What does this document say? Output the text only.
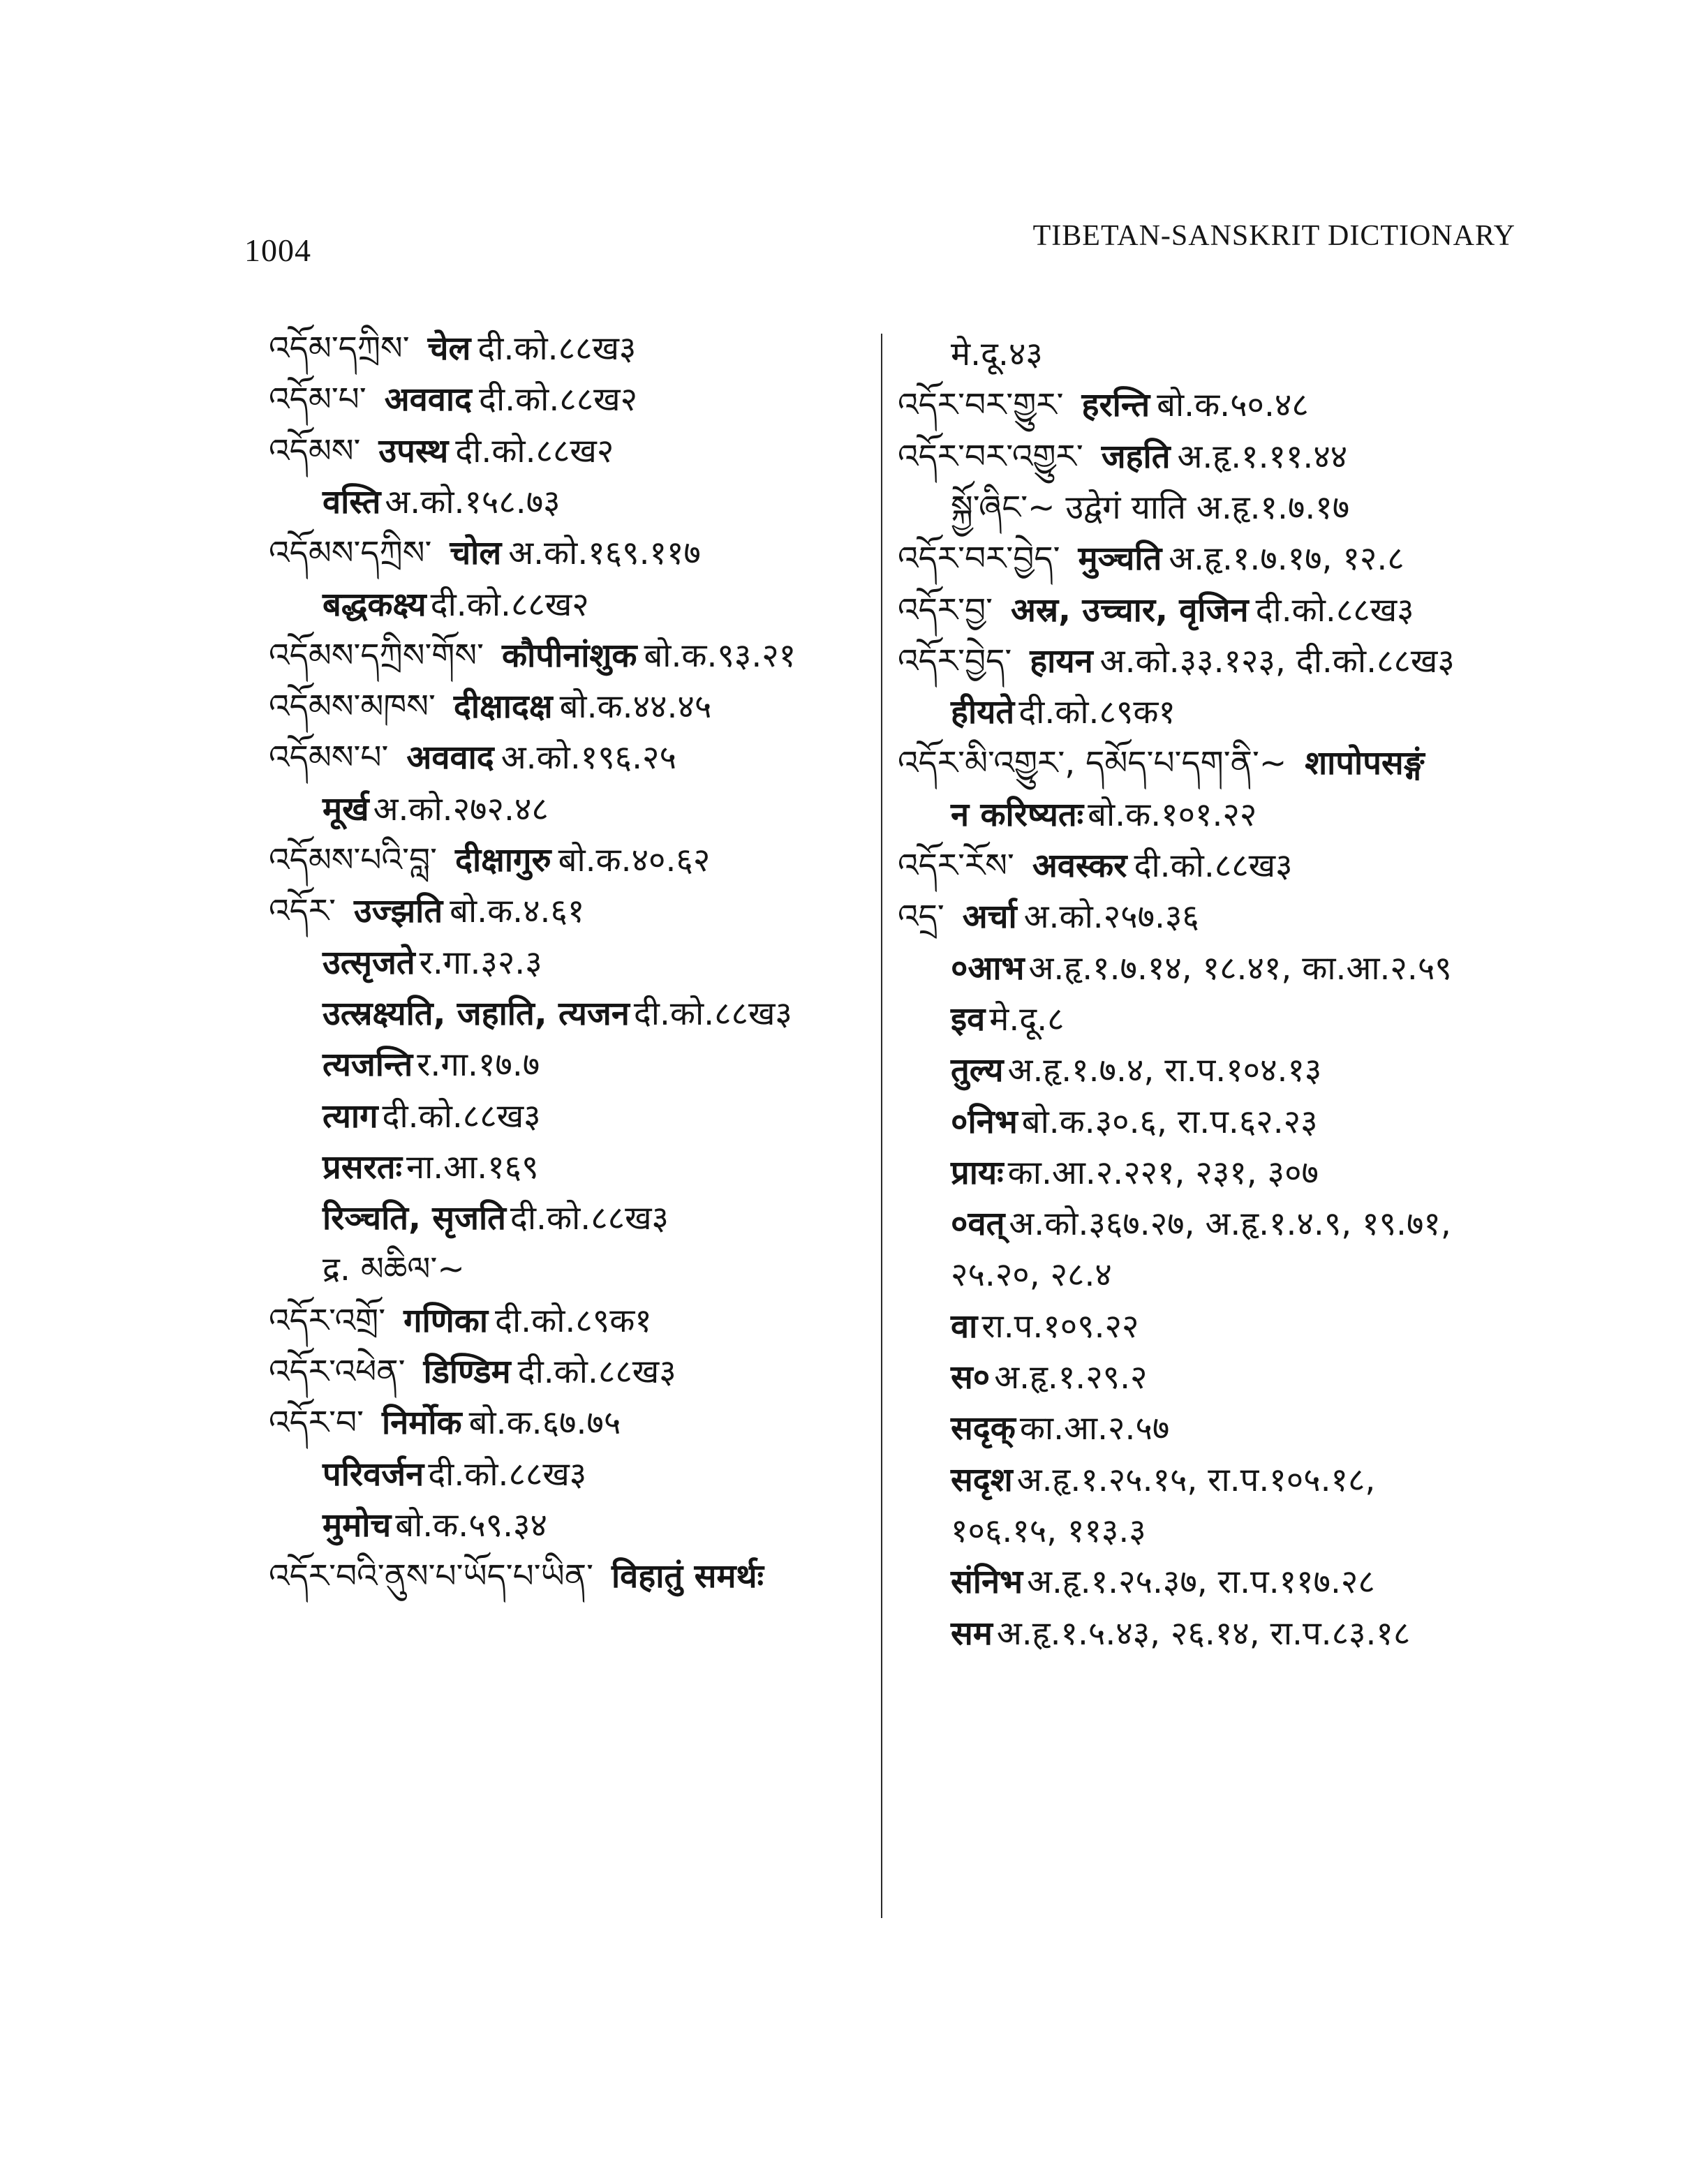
1004	TIBETAN-SANSKRIT DICTIONARY
འདོམ་དཀྲིས་ चेल दी.को.८८ख३
འདོམ་པ་ अववाद दी.को.८८ख२
འདོམས་ उपस्थ दी.को.८८ख२
वस्ति अ.को.१५८.७३
འདོམས་དཀྲིས་ चोल अ.को.१६९.११७
बद्धकक्ष्य दी.को.८८ख२
འདོམས་དཀྲིས་གོས་ कौपीनांशुक बो.क.९३.२१
འདོམས་མཁས་ दीक्षादक्ष बो.क.४४.४५
འདོམས་པ་ अववाद अ.को.१९६.२५
मूर्ख अ.को.२७२.४८
འདོམས་པའི་བླ་ दीक्षागुरु बो.क.४०.६२
འདོར་ उज्झति बो.क.४.६१
उत्सृजते र.गा.३२.३
उत्स्रक्ष्यति, जहाति, त्यजन दी.को.८८ख३
त्यजन्ति र.गा.१७.७
त्याग दी.को.८८ख३
प्रसरतः ना.आ.१६९
रिञ्चति, सृजति दी.को.८८ख३
द्र. མཆིལ་~
འདོར་འགྲོ་ गणिका दी.को.८९क१
འདོར་འཕེན་ डिण्डिम दी.को.८८ख३
འདོར་བ་ निर्मोक बो.क.६७.७५
परिवर्जन दी.को.८८ख३
मुमोच बो.क.५९.३४
འདོར་བའི་ནུས་པ་ཡོད་པ་ཡིན་ विहातुं समर्थः
मे.दू.४३
འདོར་བར་གྱུར་ हरन्ति बो.क.५०.४८
འདོར་བར་འགྱུར་ जहति अ.हृ.१.११.४४
སྐྱོ་ཞིང་~ उद्वेगं याति अ.हृ.१.७.१७
འདོར་བར་བྱེད་ मुञ्चति अ.हृ.१.७.१७, १२.८
འདོར་བྱ་ अस्र, उच्चार, वृजिन दी.को.८८ख३
འདོར་བྱེད་ हायन अ.को.३३.१२३, दी.को.८८ख३
हीयते दी.को.८९क१
འདོར་མི་འགྱུར་, དམོད་པ་དག་ནི་~ शापोपसङ्गं
न करिष्यतः बो.क.१०१.२२
འདོར་རོས་ अवस्कर दी.को.८८ख३
འདྲ་ अर्चा अ.को.२५७.३६
०आभ अ.हृ.१.७.१४, १८.४१, का.आ.२.५९
इव मे.दू.८
तुल्य अ.हृ.१.७.४, रा.प.१०४.१३
०निभ बो.क.३०.६, रा.प.६२.२३
प्रायः का.आ.२.२२१, २३१, ३०७
०वत् अ.को.३६७.२७, अ.हृ.१.४.९, १९.७१,
२५.२०, २८.४
वा रा.प.१०९.२२
स० अ.हृ.१.२९.२
सदृक् का.आ.२.५७
सदृश अ.हृ.१.२५.१५, रा.प.१०५.१८,
१०६.१५, ११३.३
संनिभ अ.हृ.१.२५.३७, रा.प.११७.२८
सम अ.हृ.१.५.४३, २६.१४, रा.प.८३.१८
